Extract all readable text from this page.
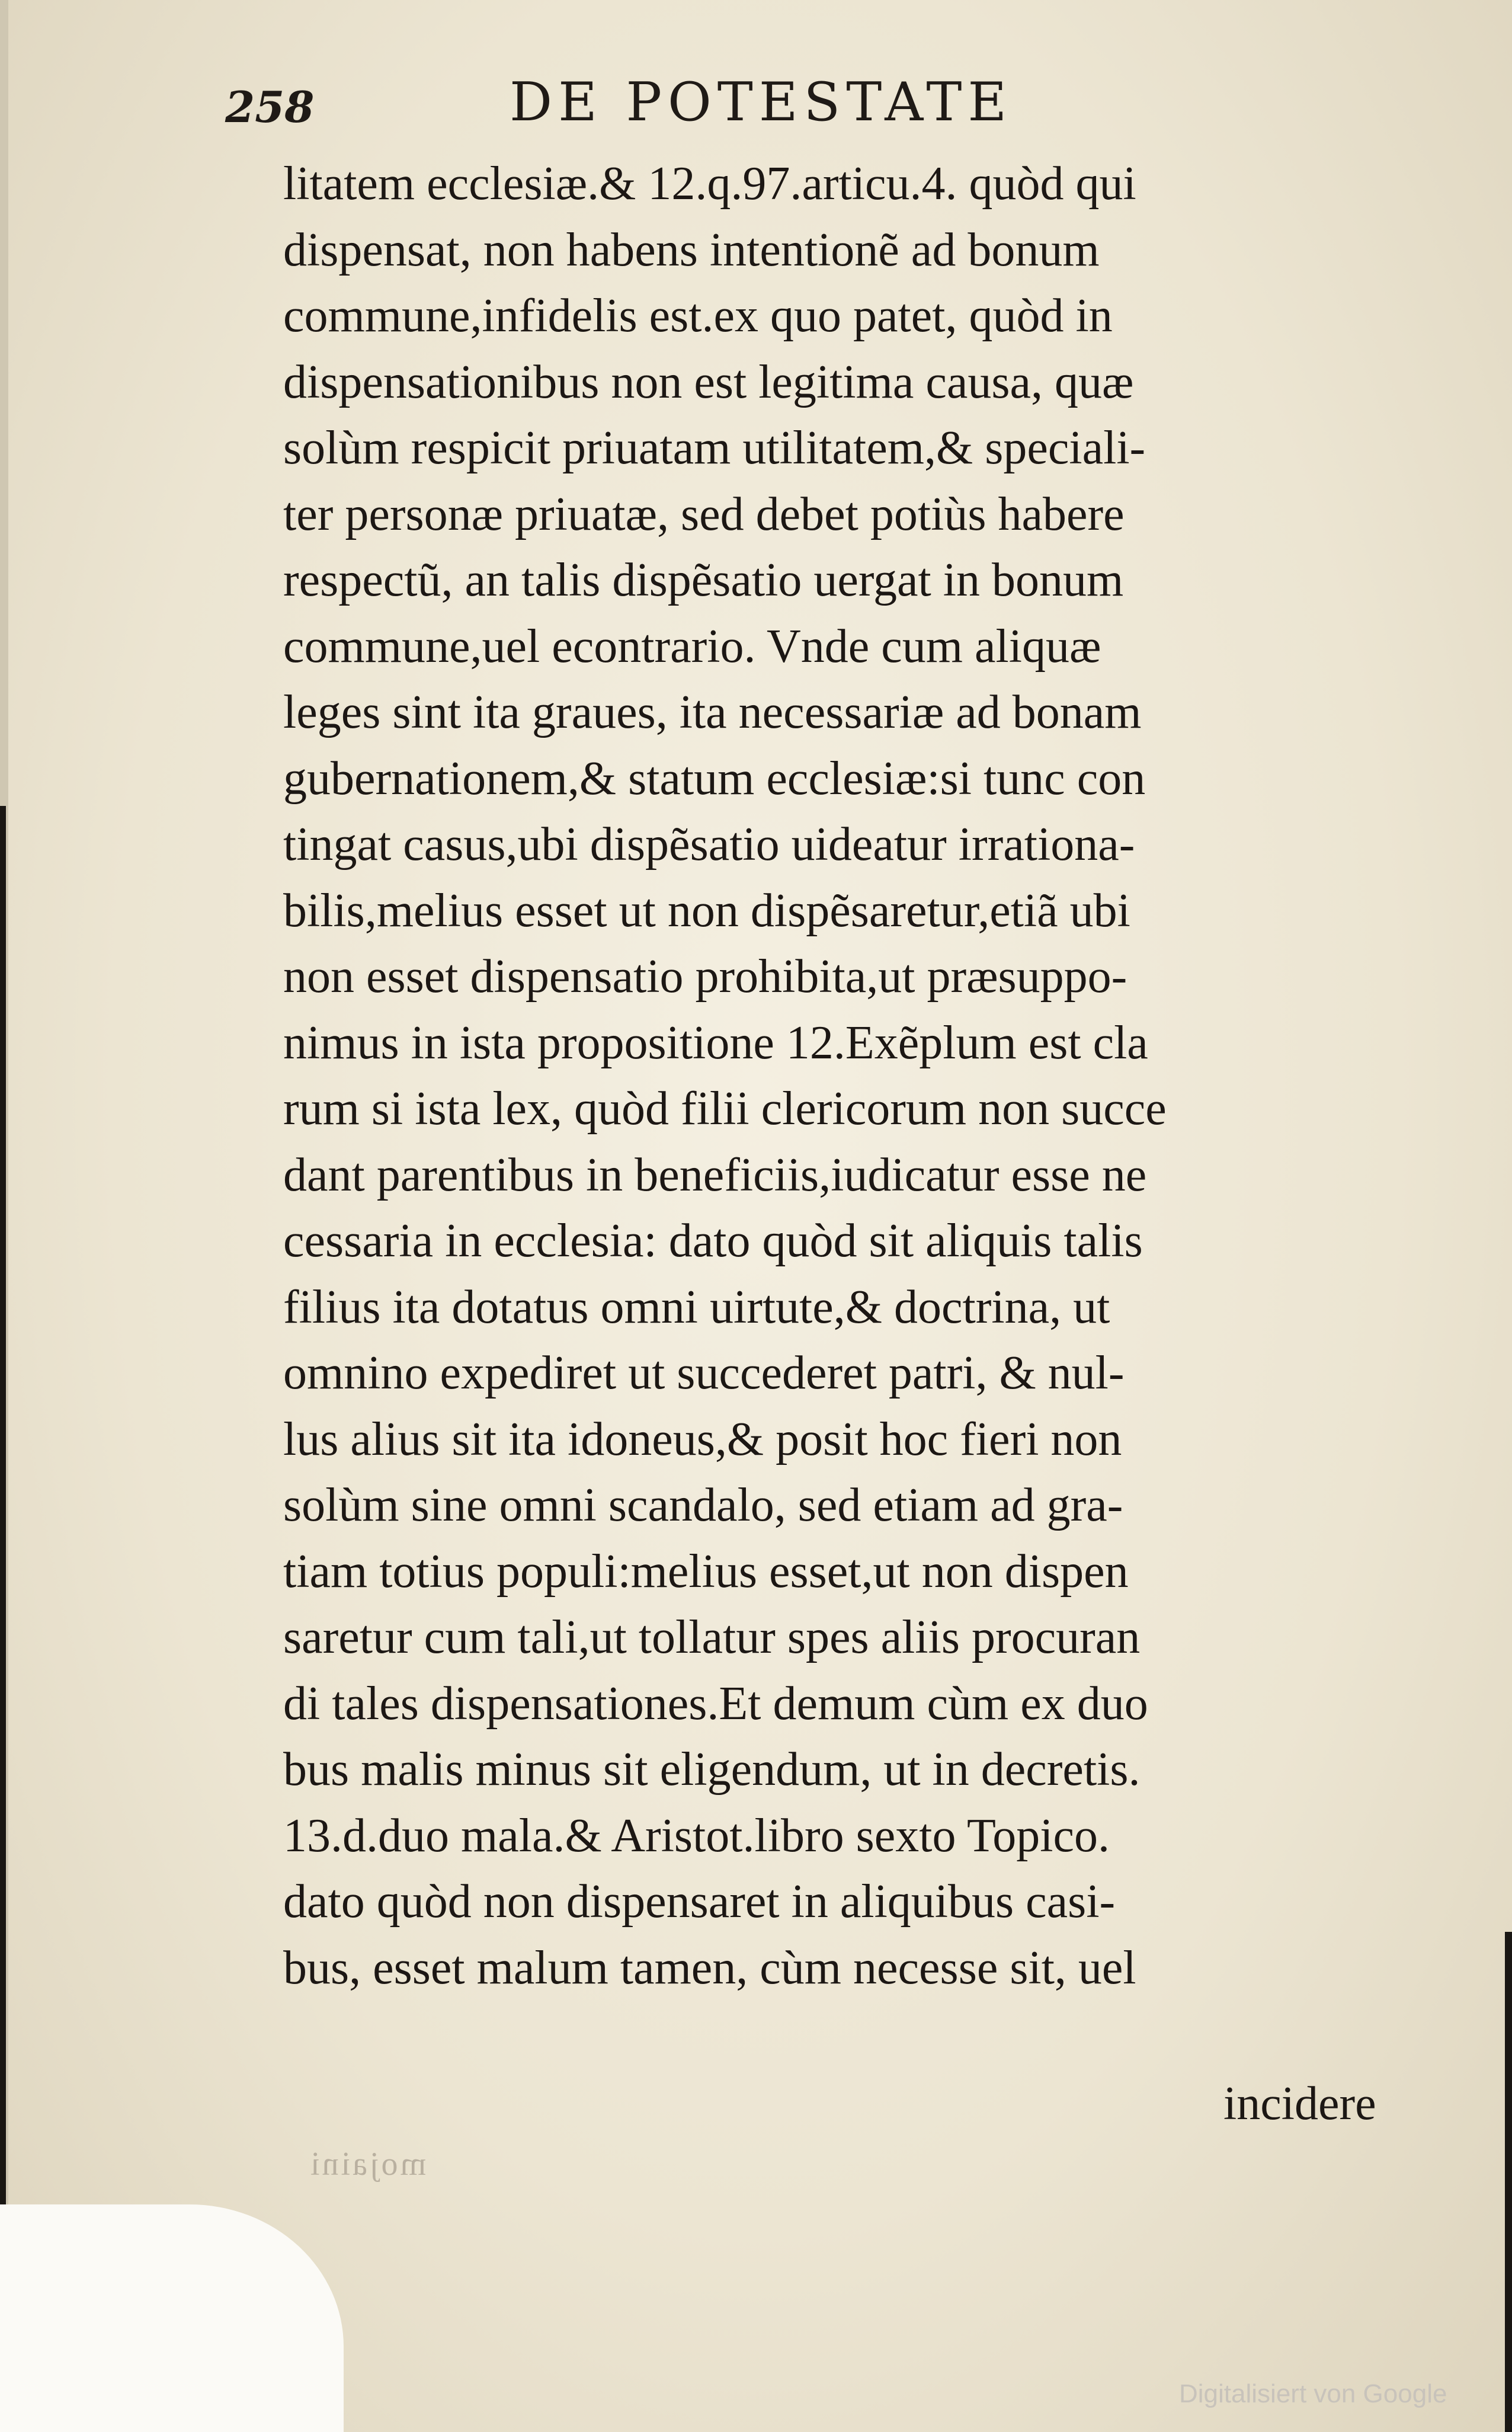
258	DE POTESTATE
litatem ecclesiæ.& 12.q.97.articu.4. quòd qui
dispensat, non habens intentionẽ ad bonum
commune,infidelis est.ex quo patet, quòd in
dispensationibus non est legitima causa, quæ
solùm respicit priuatam utilitatem,& speciali-
ter personæ priuatæ, sed debet potiùs habere
respectũ, an talis dispẽsatio uergat in bonum
commune,uel econtrario. Vnde cum aliquæ
leges sint ita graues, ita necessariæ ad bonam
gubernationem,& statum ecclesiæ:si tunc con
tingat casus,ubi dispẽsatio uideatur irrationa-
bilis,melius esset ut non dispẽsaretur,etiã ubi
non esset dispensatio prohibita,ut præsuppo-
nimus in ista propositione 12.Exẽplum est cla
rum si ista lex, quòd filii clericorum non succe
dant parentibus in beneficiis,iudicatur esse ne
cessaria in ecclesia: dato quòd sit aliquis talis
filius ita dotatus omni uirtute,& doctrina, ut
omnino expediret ut succederet patri, & nul-
lus alius sit ita idoneus,& posit hoc fieri non
solùm sine omni scandalo, sed etiam ad gra-
tiam totius populi:melius esset,ut non dispen
saretur cum tali,ut tollatur spes aliis procuran
di tales dispensationes.Et demum cùm ex duo
bus malis minus sit eligendum, ut in decretis.
13.d.duo mala.& Aristot.libro sexto Topico.
dato quòd non dispensaret in aliquibus casi-
bus, esset malum tamen, cùm necesse sit, uel
incidere
mojaini
Digitalisiert von Google
